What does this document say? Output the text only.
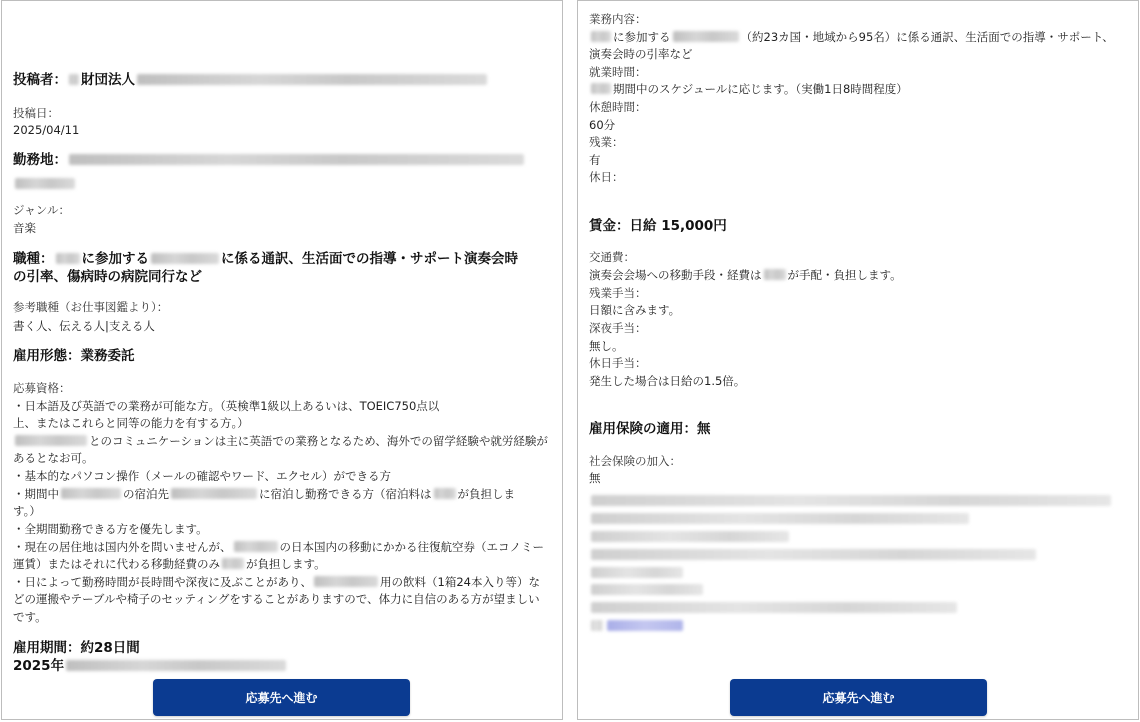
投稿者： 財団法人
投稿日：
2025/04/11
勤務地：
ジャンル：
音楽
職種： に参加する	に係る通訳、生活面での指導・サポート演奏会時
の引率、傷病時の病院同行など
参考職種（お仕事図鑑より）：
書く人、伝える人|支える人
雇用形態：業務委託
応募資格：
・日本語及び英語での業務が可能な方。（英検準1級以上あるいは、TOEIC750点以
上、またはこれらと同等の能力を有する方。）
とのコミュニケーションは主に英語での業務となるため、海外での留学経験や就労経験が
あるとなお可。
・基本的なパソコン操作（メールの確認やワード、エクセル）ができる方
・期間中	の宿泊先	に宿泊し勤務できる方（宿泊料は が負担しま
す。）
・全期間勤務できる方を優先します。
・現在の居住地は国内外を問いませんが、	の日本国内の移動にかかる往復航空券（エコノミー
運賃）またはそれに代わる移動経費のみ が負担します。
・日によって勤務時間が長時間や深夜に及ぶことがあり、	用の飲料（1箱24本入り等）な
どの運搬やテーブルや椅子のセッティングをすることがありますので、体力に自信のある方が望ましい
です。
雇用期間：約28日間
2025年
応募先へ進む
業務内容：
に参加する	（約23カ国・地域から95名）に係る通訳、生活面での指導・サポート、
演奏会時の引率など
就業時間：
期間中のスケジュールに応じます。（実働1日8時間程度）
休憩時間：
60分
残業：
有
休日：
賃金：日給 15,000円
交通費：
演奏会会場への移動手段・経費は が手配・負担します。
残業手当：
日額に含みます。
深夜手当：
無し。
休日手当：
発生した場合は日給の1.5倍。
雇用保険の適用：無
社会保険の加入：
無
応募先へ進む
